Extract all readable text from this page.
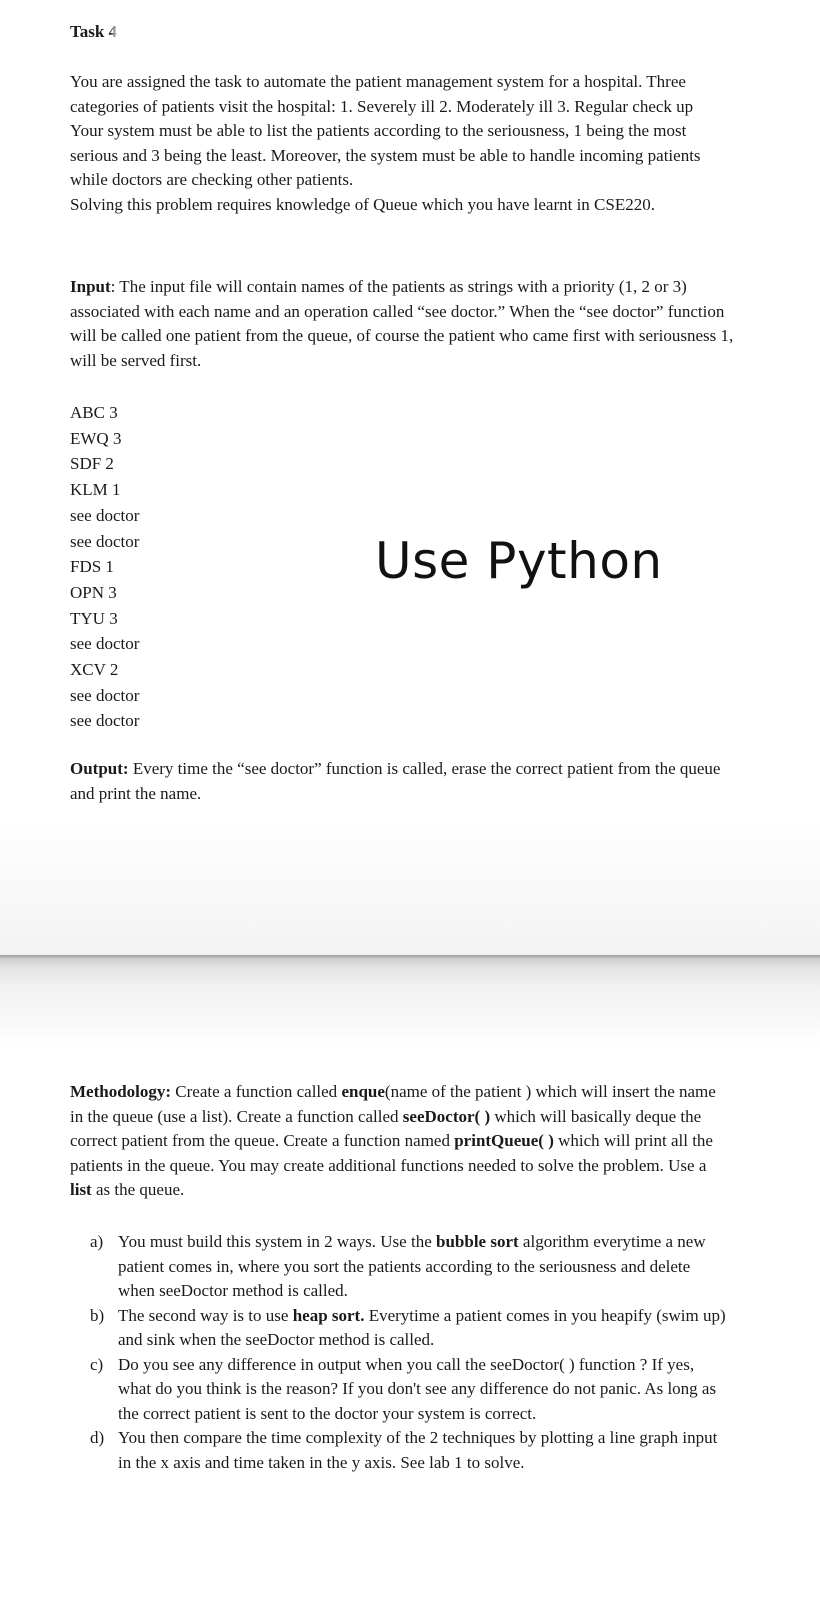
Task 4
You are assigned the task to automate the patient management system for a hospital. Three categories of patients visit the hospital: 1. Severely ill 2. Moderately ill 3. Regular check up
Your system must be able to list the patients according to the seriousness, 1 being the most serious and 3 being the least. Moreover, the system must be able to handle incoming patients while doctors are checking other patients.
Solving this problem requires knowledge of Queue which you have learnt in CSE220.
Input: The input file will contain names of the patients as strings with a priority (1, 2 or 3) associated with each name and an operation called “see doctor.” When the “see doctor” function will be called one patient from the queue, of course the patient who came first with seriousness 1, will be served first.
ABC 3
EWQ 3
SDF 2
KLM 1
see doctor
see doctor
FDS 1
OPN 3
TYU 3
see doctor
XCV 2
see doctor
see doctor
Use Python
Output: Every time the “see doctor” function is called, erase the correct patient from the queue and print the name.
Methodology: Create a function called enque(name of the patient ) which will insert the name in the queue (use a list). Create a function called seeDoctor( ) which will basically deque the correct patient from the queue. Create a function named printQueue( ) which will print all the patients in the queue. You may create additional functions needed to solve the problem. Use a list as the queue.
a) You must build this system in 2 ways. Use the bubble sort algorithm everytime a new patient comes in, where you sort the patients according to the seriousness and delete when seeDoctor method is called.
b) The second way is to use heap sort. Everytime a patient comes in you heapify (swim up) and sink when the seeDoctor method is called.
c) Do you see any difference in output when you call the seeDoctor( ) function ? If yes, what do you think is the reason? If you don't see any difference do not panic. As long as the correct patient is sent to the doctor your system is correct.
d) You then compare the time complexity of the 2 techniques by plotting a line graph input in the x axis and time taken in the y axis. See lab 1 to solve.
